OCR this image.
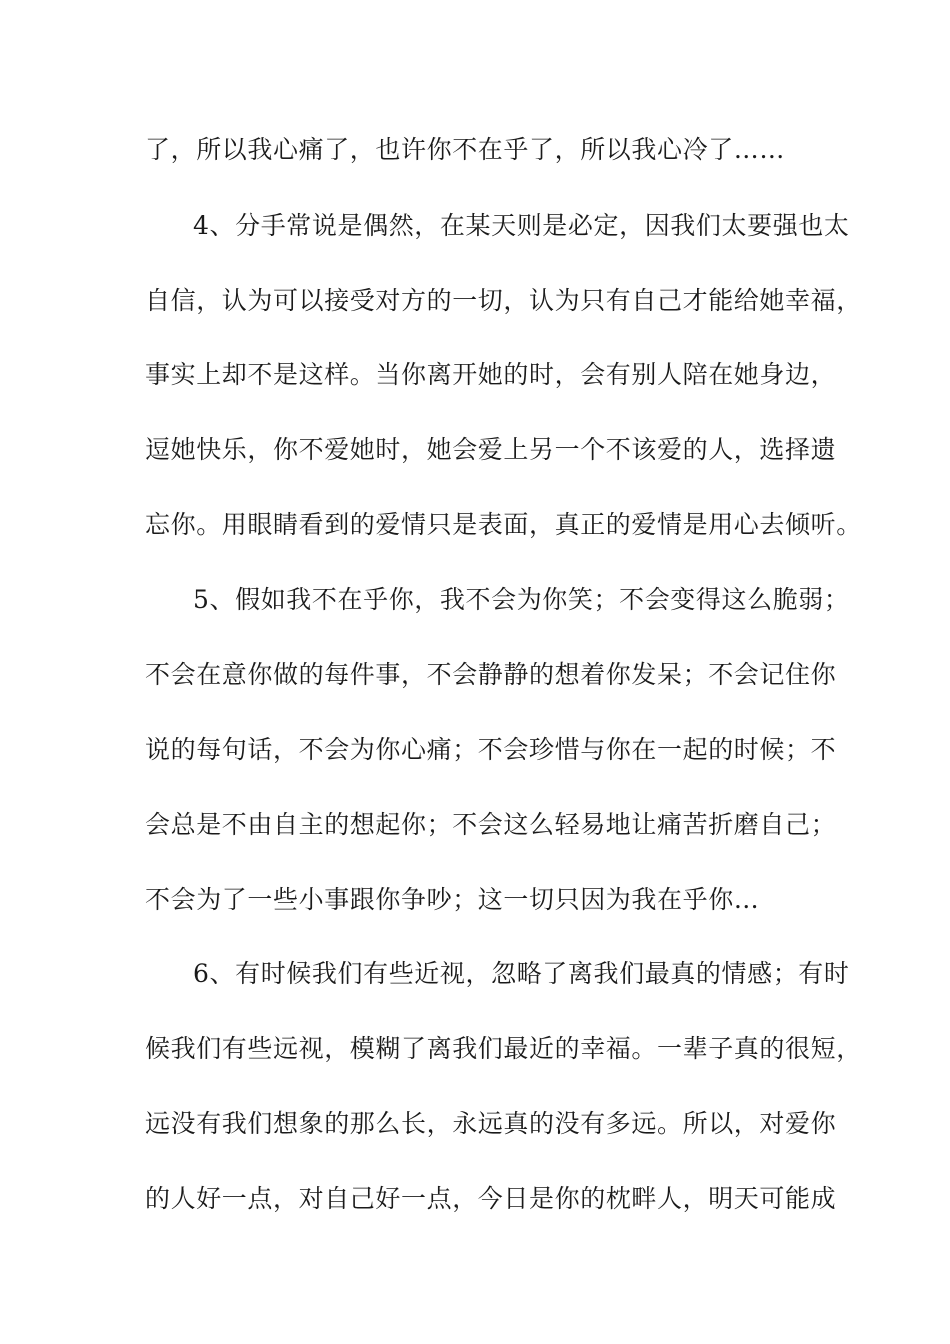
了，所以我心痛了，也许你不在乎了，所以我心冷了……
4、分手常说是偶然，在某天则是必定，因我们太要强也太
自信，认为可以接受对方的一切，认为只有自己才能给她幸福，
事实上却不是这样。当你离开她的时，会有别人陪在她身边，
逗她快乐，你不爱她时，她会爱上另一个不该爱的人，选择遗
忘你。用眼睛看到的爱情只是表面，真正的爱情是用心去倾听。
5、假如我不在乎你，我不会为你笑；不会变得这么脆弱；
不会在意你做的每件事，不会静静的想着你发呆；不会记住你
说的每句话，不会为你心痛；不会珍惜与你在一起的时候；不
会总是不由自主的想起你；不会这么轻易地让痛苦折磨自己；
不会为了一些小事跟你争吵；这一切只因为我在乎你…
6、有时候我们有些近视，忽略了离我们最真的情感；有时
候我们有些远视，模糊了离我们最近的幸福。一辈子真的很短，
远没有我们想象的那么长，永远真的没有多远。所以，对爱你
的人好一点，对自己好一点，今日是你的枕畔人，明天可能成
